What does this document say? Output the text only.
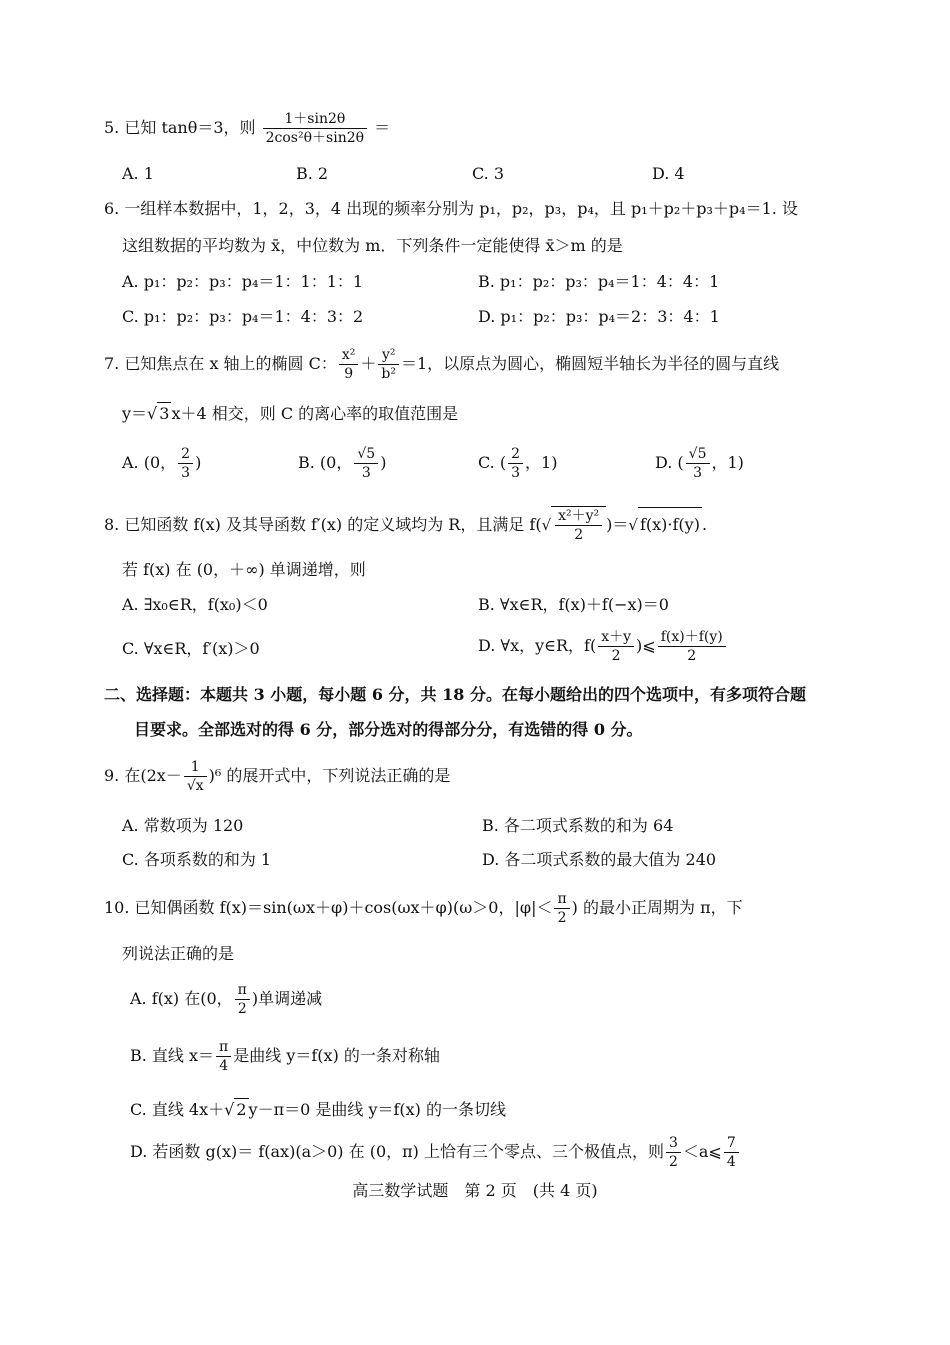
5. 已知 tanθ＝3，则 $\frac{1+\sin 2\theta}{\text{2cos²θ＋sin2θ}}$ ＝
A. 1	B. 2	C. 3	D. 4
6. 一组样本数据中，1，2，3，4 出现的频率分别为 p₁，p₂，p₃，p₄，且 p₁＋p₂＋p₃＋p₄＝1. 设
这组数据的平均数为 x̄，中位数为 m．下列条件一定能使得 x̄＞m 的是
A. p₁：p₂：p₃：p₄＝1：1：1：1	B. p₁：p₂：p₃：p₄＝1：4：4：1
C. p₁：p₂：p₃：p₄＝1：4：3：2	D. p₁：p₂：p₃：p₄＝2：3：4：1
7. 已知焦点在 x 轴上的椭圆 C： $\frac{\text{x²}}{9} + \frac{\text{y²}}{\text{b²}} =1$，以原点为圆心，椭圆短半轴长为半径的圆与直线
y＝√ 3 x＋4 相交，则 C 的离心率的取值范围是
A. (0， $\frac{2}{3}$ )	B. (0， $\frac{√5}{3}$ )	C. ( $\frac{2}{3}$ ，1)	D. ( $\frac{√5}{3}$ ，1)
8. 已知函数 f(x) 及其导函数 f′(x) 的定义域均为 R，且满足 $f(√ \frac{\text{x²＋y²}}{2}$ )＝√ f(x)·f(y) .
若 f(x) 在 (0，＋∞) 单调递增，则
A. ∃x₀∈R，f(x₀)＜0	B. ∀x∈R，f(x)＋f(−x)＝0
C. ∀x∈R，f′(x)＞0	D. ∀x，y∈R，$f( \frac{x+y}{2}$ )⩽ $\frac{f(x)+f(y)}{2}$
二、选择题：本题共 3 小题，每小题 6 分，共 18 分。在每小题给出的四个选项中，有多项符合题
目要求。全部选对的得 6 分，部分选对的得部分分，有选错的得 0 分。
9. 在$(2x- \frac{1}{√x} )^6$ 的展开式中，下列说法正确的是
A. 常数项为 120	B. 各二项式系数的和为 64
C. 各项系数的和为 1	D. 各二项式系数的最大值为 240
10. 已知偶函数 f(x)＝sin(ωx＋φ)＋cos(ωx＋φ)(ω＞0，$|\varphi|< \frac{\pi}{2}$ ) 的最小正周期为 π，下
列说法正确的是
A. f(x) 在(0， $\frac{\pi}{2}$ )单调递减
B. 直线 $x= \frac{\pi}{4}$ 是曲线 y＝f(x) 的一条对称轴
C. 直线 4x＋√ 2 y－π＝0 是曲线 y＝f(x) 的一条切线
D. 若函数 g(x)＝ f(ax)(a＞0) 在 (0，π) 上恰有三个零点、三个极值点，则 $\frac{3}{2}$ ＜a⩽ $\frac{7}{4}$
高三数学试题　第 2 页　(共 4 页)
